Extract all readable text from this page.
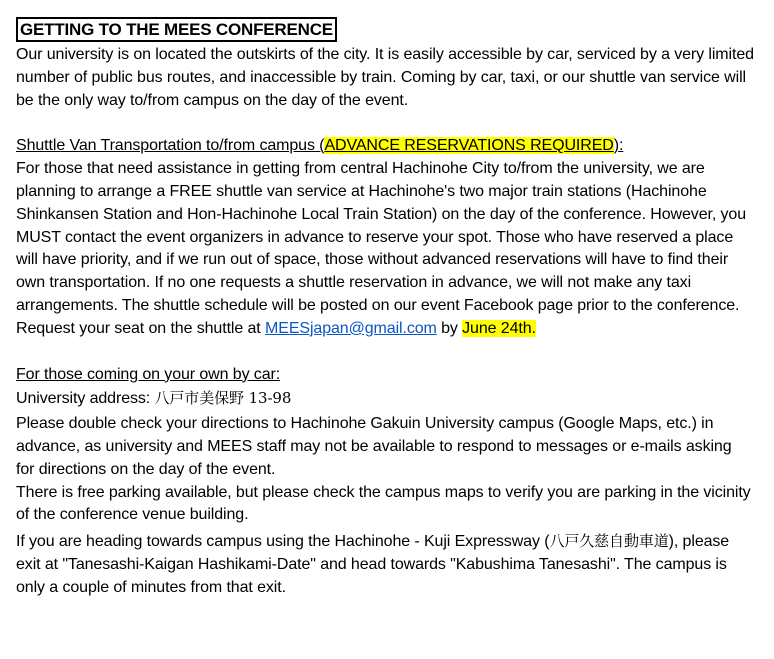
GETTING TO THE MEES CONFERENCE

Our university is on located the outskirts of the city. It is easily accessible by car, serviced by a very limited number of public bus routes, and inaccessible by train. Coming by car, taxi, or our shuttle van service will be the only way to/from campus on the day of the event.

Shuttle Van Transportation to/from campus (ADVANCE RESERVATIONS REQUIRED):

For those that need assistance in getting from central Hachinohe City to/from the university, we are planning to arrange a FREE shuttle van service at Hachinohe's two major train stations (Hachinohe Shinkansen Station and Hon-Hachinohe Local Train Station) on the day of the conference. However, you MUST contact the event organizers in advance to reserve your spot. Those who have reserved a place will have priority, and if we run out of space, those without advanced reservations will have to find their own transportation. If no one requests a shuttle reservation in advance, we will not make any taxi arrangements. The shuttle schedule will be posted on our event Facebook page prior to the conference.

Request your seat on the shuttle at MEESjapan@gmail.com by June 24th.

For those coming on your own by car:

University address: 八戸市美保野 13-98

Please double check your directions to Hachinohe Gakuin University campus (Google Maps, etc.) in advance, as university and MEES staff may not be available to respond to messages or e-mails asking for directions on the day of the event.

There is free parking available, but please check the campus maps to verify you are parking in the vicinity of the conference venue building.

If you are heading towards campus using the Hachinohe - Kuji Expressway (八戸久慈自動車道), please exit at "Tanesashi-Kaigan Hashikami-Date" and head towards "Kabushima Tanesashi". The campus is only a couple of minutes from that exit.
